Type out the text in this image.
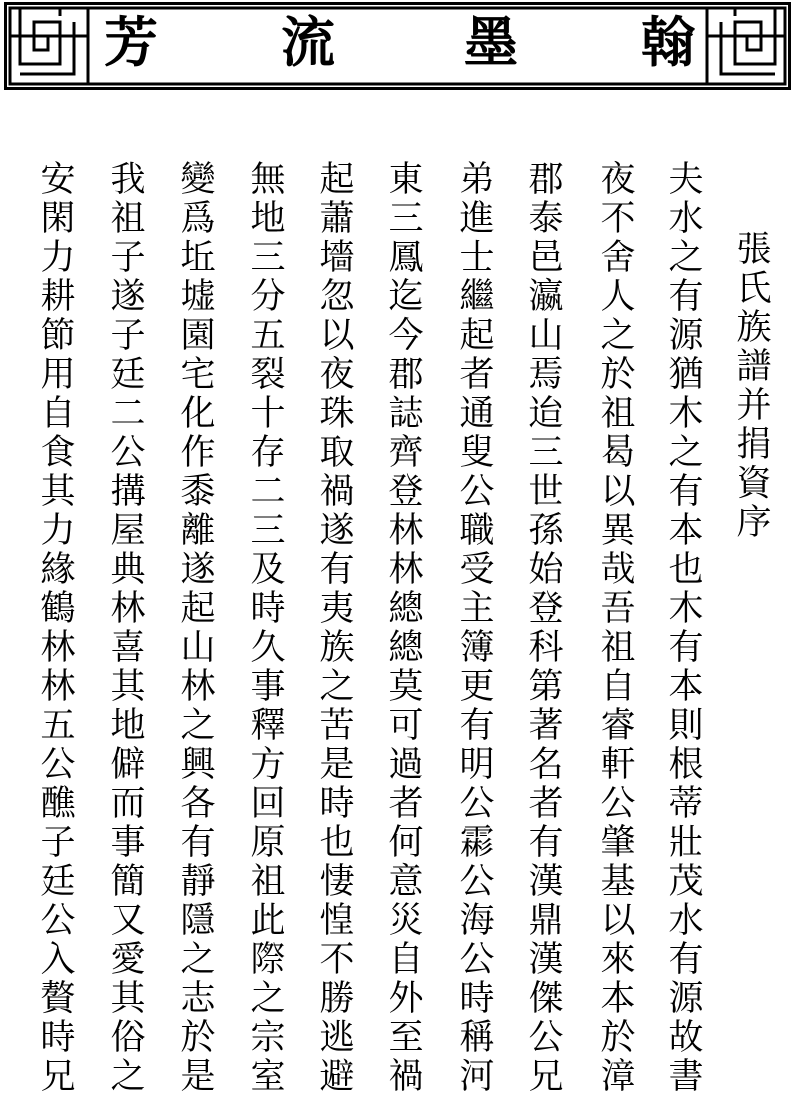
芳 流 墨 翰
張氏族譜并捐資序
夫水之有源猶木之有本也木有本則根蒂壯茂水有源故書
夜不舍人之於祖曷以異哉吾祖自睿軒公肇基以來本於漳
郡泰邑瀛山焉迨三世孫始登科第著名者有漢鼎漢傑公兄
弟進士繼起者通叟公職受主簿更有明公霦公海公時稱河
東三鳳迄今郡誌齊登林林總總莫可過者何意災自外至禍
起蕭墻忽以夜珠取禍遂有夷族之苦是時也悽惶不勝逃避
無地三分五裂十存二三及時久事釋方回原祖此際之宗室
變爲坵墟園宅化作黍離遂起山林之興各有靜隱之志於是
我祖子遂子廷二公搆屋典林喜其地僻而事簡又愛其俗之
安閑力耕節用自食其力緣鶴林林五公醮子廷公入贅時兄
